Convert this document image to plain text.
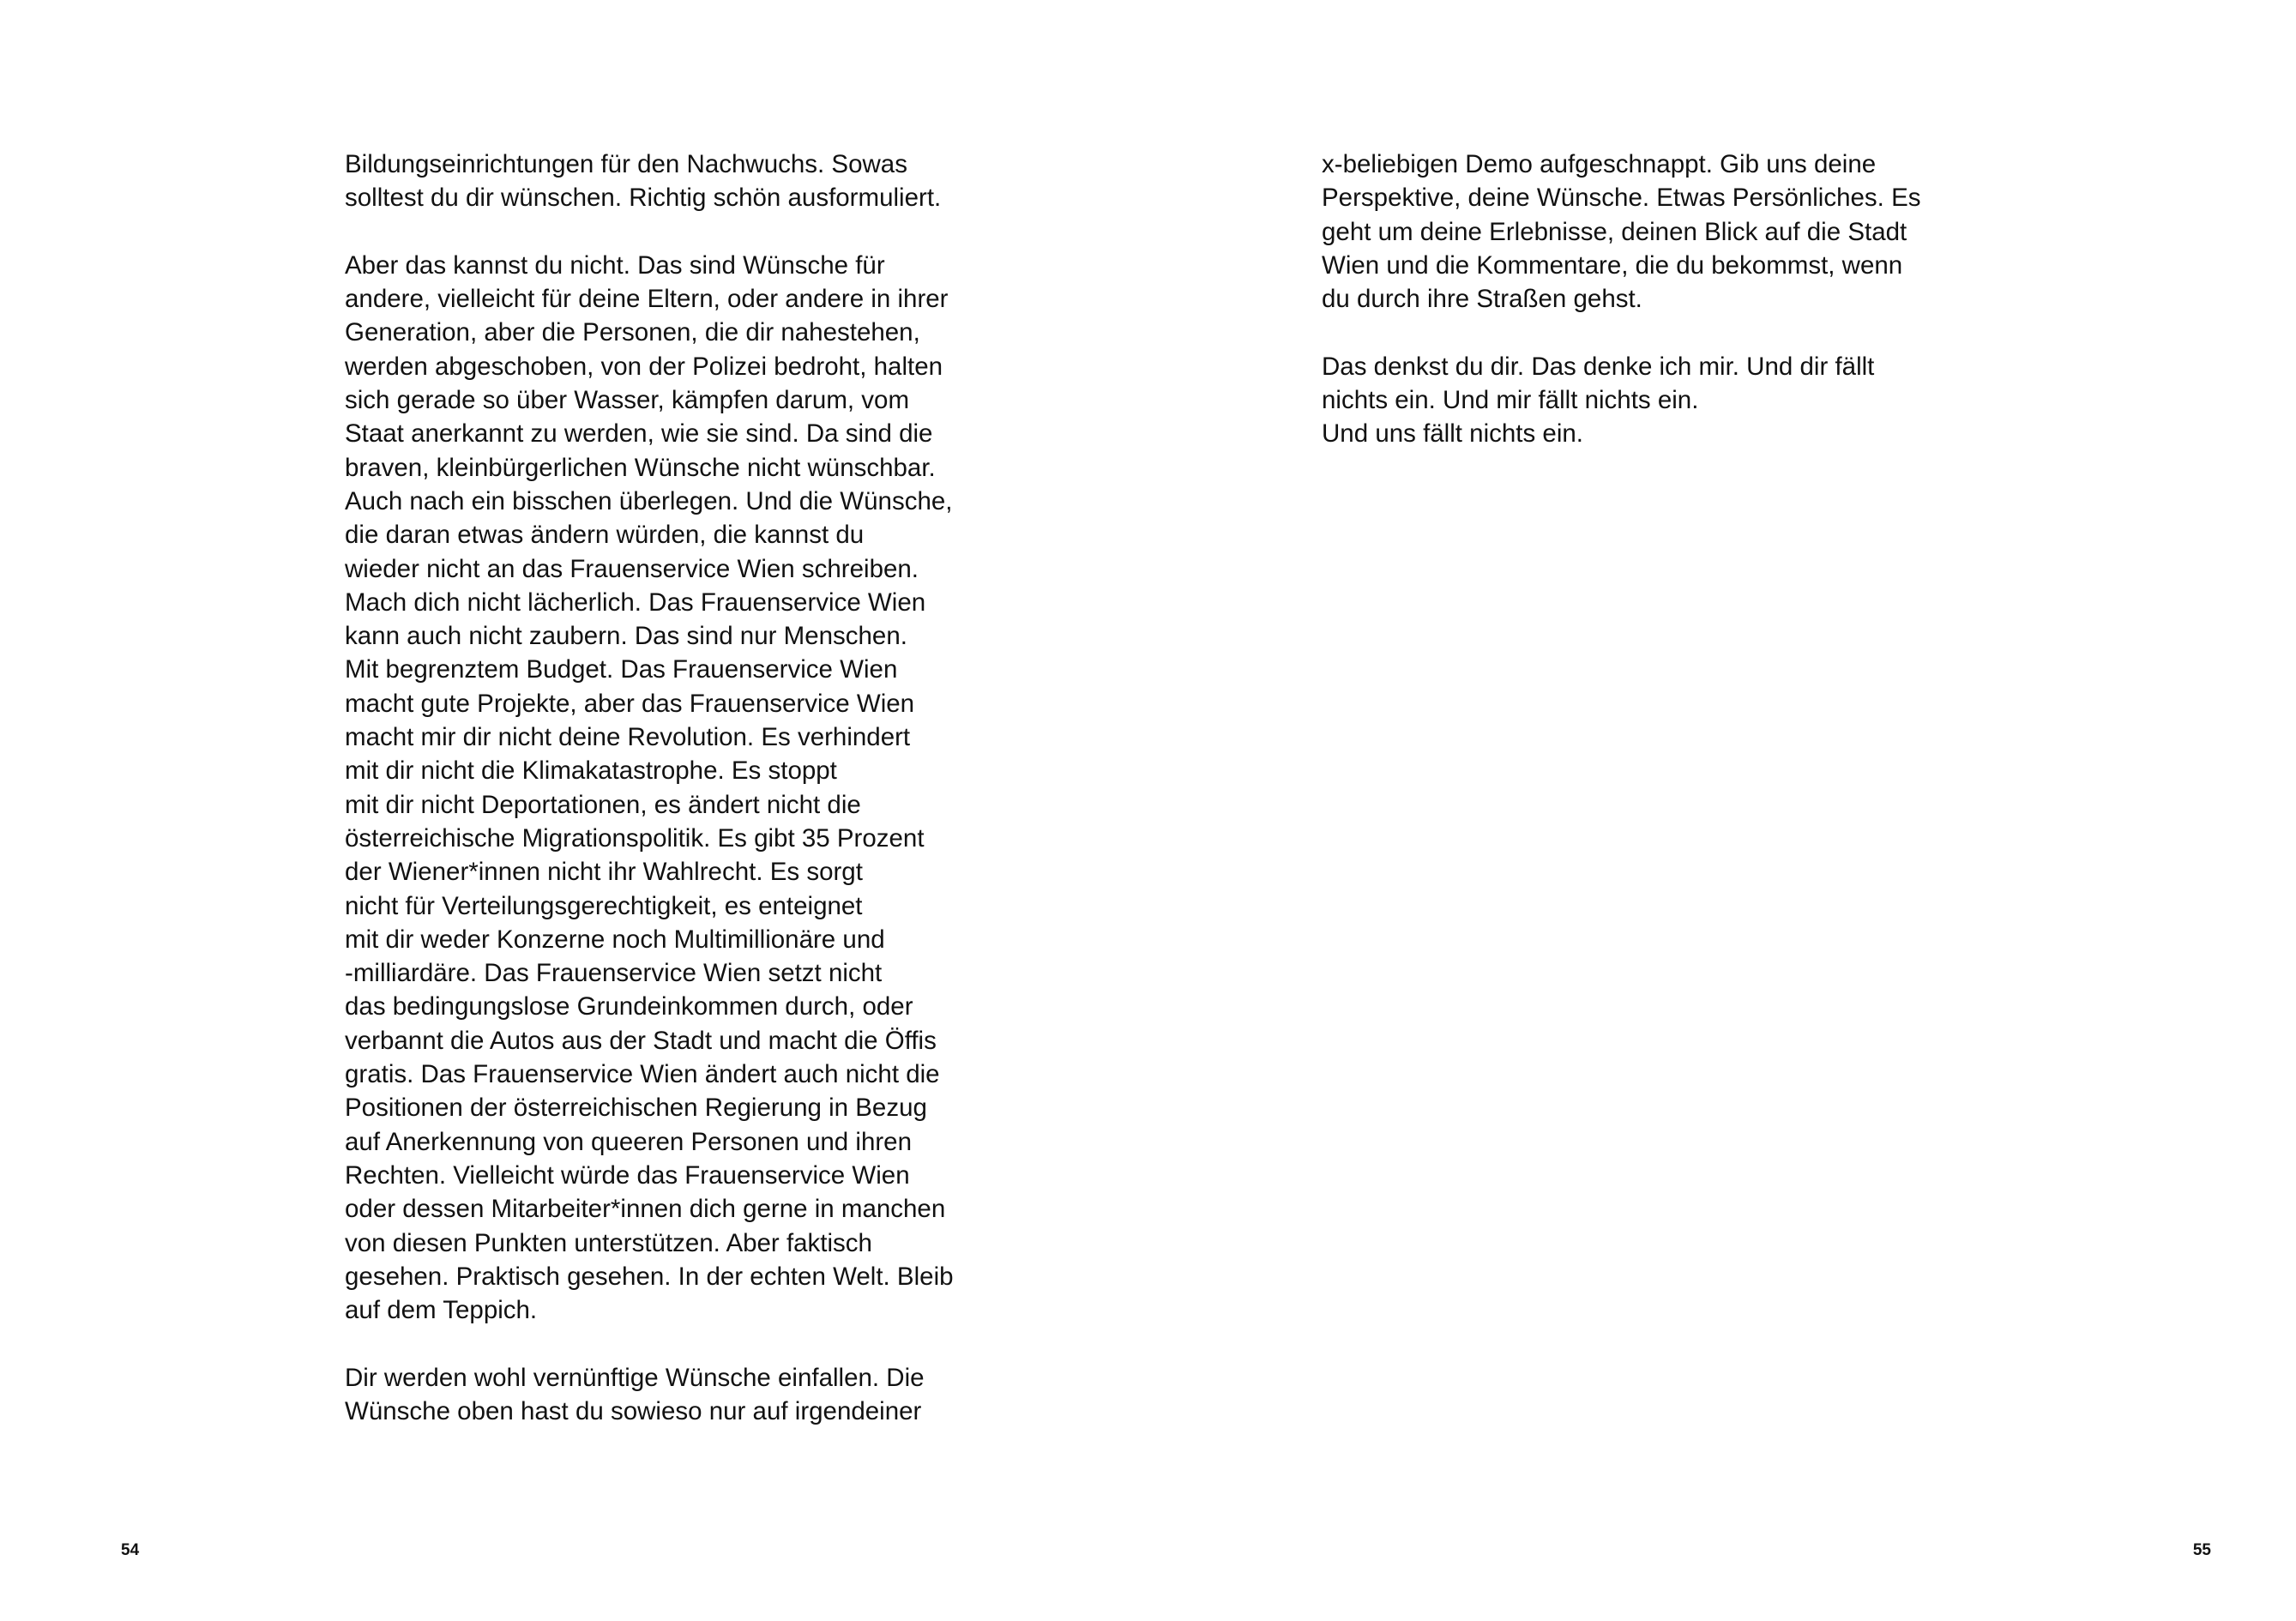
Bildungseinrichtungen für den Nachwuchs. Sowas
solltest du dir wünschen. Richtig schön ausformuliert.

Aber das kannst du nicht. Das sind Wünsche für
andere, vielleicht für deine Eltern, oder andere in ihrer
Generation, aber die Personen, die dir nahestehen,
werden abgeschoben, von der Polizei bedroht, halten
sich gerade so über Wasser, kämpfen darum, vom
Staat anerkannt zu werden, wie sie sind. Da sind die
braven, kleinbürgerlichen Wünsche nicht wünschbar.
Auch nach ein bisschen überlegen. Und die Wünsche,
die daran etwas ändern würden, die kannst du
wieder nicht an das Frauenservice Wien schreiben.
Mach dich nicht lächerlich. Das Frauenservice Wien
kann auch nicht zaubern. Das sind nur Menschen.
Mit begrenztem Budget. Das Frauenservice Wien
macht gute Projekte, aber das Frauenservice Wien
macht mir dir nicht deine Revolution. Es verhindert
mit dir nicht die Klimakatastrophe. Es stoppt
mit dir nicht Deportationen, es ändert nicht die
österreichische Migrationspolitik. Es gibt 35 Prozent
der Wiener*innen nicht ihr Wahlrecht. Es sorgt
nicht für Verteilungsgerechtigkeit, es enteignet
mit dir weder Konzerne noch Multimillionäre und
-milliardäre. Das Frauenservice Wien setzt nicht
das bedingungslose Grundeinkommen durch, oder
verbannt die Autos aus der Stadt und macht die Öffis
gratis. Das Frauenservice Wien ändert auch nicht die
Positionen der österreichischen Regierung in Bezug
auf Anerkennung von queeren Personen und ihren
Rechten. Vielleicht würde das Frauenservice Wien
oder dessen Mitarbeiter*innen dich gerne in manchen
von diesen Punkten unterstützen. Aber faktisch
gesehen. Praktisch gesehen. In der echten Welt. Bleib
auf dem Teppich.

Dir werden wohl vernünftige Wünsche einfallen. Die
Wünsche oben hast du sowieso nur auf irgendeiner

54

x-beliebigen Demo aufgeschnappt. Gib uns deine
Perspektive, deine Wünsche. Etwas Persönliches. Es
geht um deine Erlebnisse, deinen Blick auf die Stadt
Wien und die Kommentare, die du bekommst, wenn
du durch ihre Straßen gehst.

Das denkst du dir. Das denke ich mir. Und dir fällt
nichts ein. Und mir fällt nichts ein.
Und uns fällt nichts ein.

55
